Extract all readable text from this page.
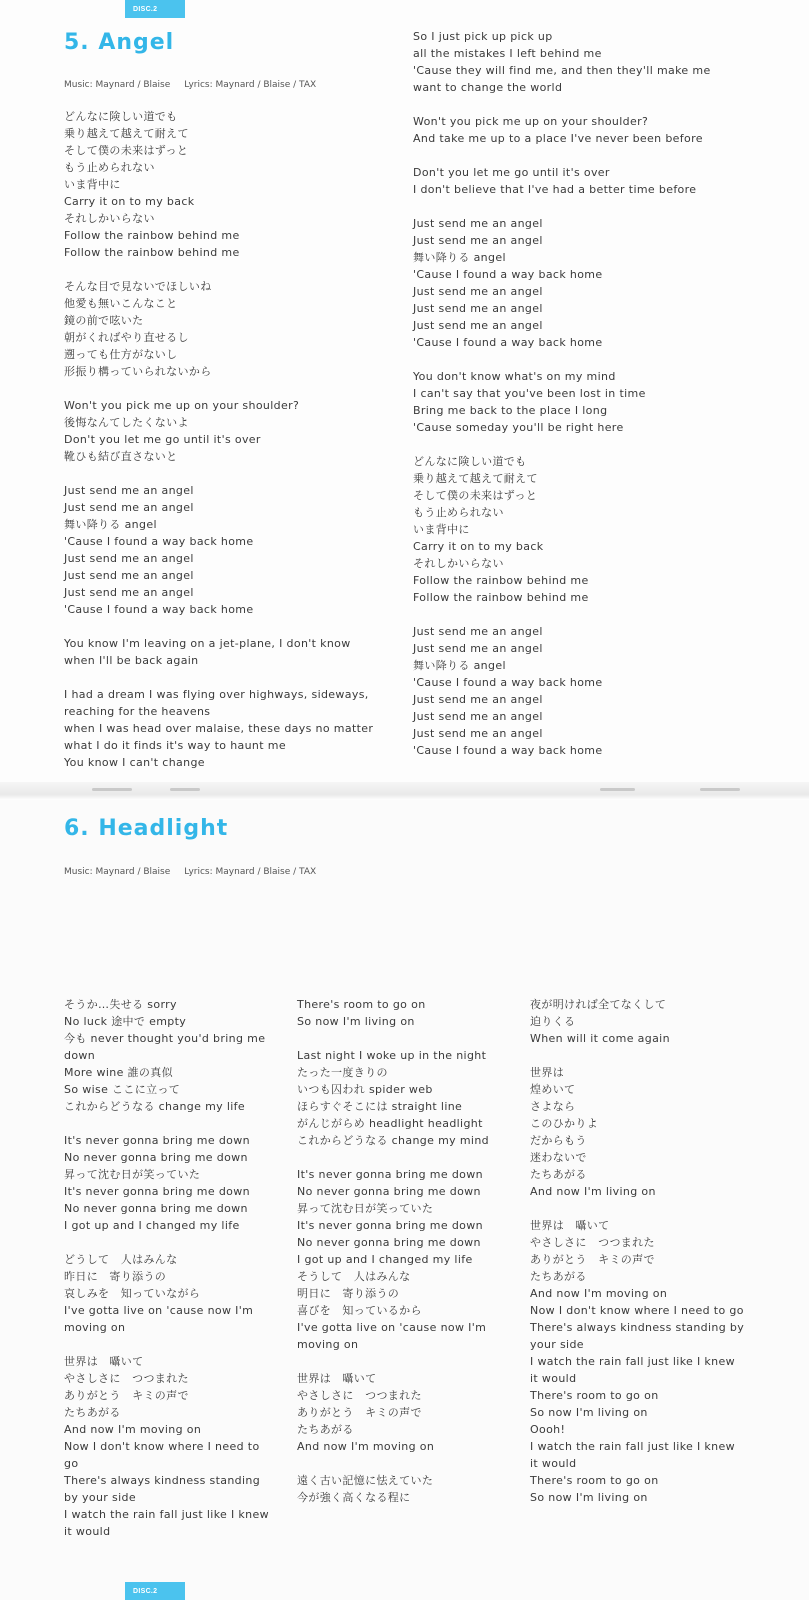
DISC.2
5. Angel
Music: Maynard / Blaise Lyrics: Maynard / Blaise / TAX
どんなに険しい道でも
乗り越えて越えて耐えて
そして僕の未来はずっと
もう止められない
いま背中に
Carry it on to my back
それしかいらない
Follow the rainbow behind me
Follow the rainbow behind me
そんな目で見ないでほしいね
他愛も無いこんなこと
鏡の前で呟いた
朝がくればやり直せるし
遡っても仕方がないし
形振り構っていられないから
Won't you pick me up on your shoulder?
後悔なんてしたくないよ
Don't you let me go until it's over
靴ひも結び直さないと
Just send me an angel
Just send me an angel
舞い降りる angel
'Cause I found a way back home
Just send me an angel
Just send me an angel
Just send me an angel
'Cause I found a way back home
You know I'm leaving on a jet-plane, I don't know when I'll be back again
I had a dream I was flying over highways, sideways, reaching for the heavens
when I was head over malaise, these days no matter what I do it finds it's way to haunt me
You know I can't change
So I just pick up pick up
all the mistakes I left behind me
'Cause they will find me, and then they'll make me want to change the world
Won't you pick me up on your shoulder?
And take me up to a place I've never been before
Don't you let me go until it's over
I don't believe that I've had a better time before
Just send me an angel
Just send me an angel
舞い降りる angel
'Cause I found a way back home
Just send me an angel
Just send me an angel
Just send me an angel
'Cause I found a way back home
You don't know what's on my mind
I can't say that you've been lost in time
Bring me back to the place I long
'Cause someday you'll be right here
どんなに険しい道でも
乗り越えて越えて耐えて
そして僕の未来はずっと
もう止められない
いま背中に
Carry it on to my back
それしかいらない
Follow the rainbow behind me
Follow the rainbow behind me
Just send me an angel
Just send me an angel
舞い降りる angel
'Cause I found a way back home
Just send me an angel
Just send me an angel
Just send me an angel
'Cause I found a way back home
6. Headlight
Music: Maynard / Blaise Lyrics: Maynard / Blaise / TAX
そうか…失せる sorry
No luck 途中で empty
今も never thought you'd bring me down
More wine 誰の真似
So wise ここに立って
これからどうなる change my life
It's never gonna bring me down
No never gonna bring me down
昇って沈む日が笑っていた
It's never gonna bring me down
No never gonna bring me down
I got up and I changed my life
どうして　人はみんな
昨日に　寄り添うの
哀しみを　知っていながら
I've gotta live on 'cause now I'm moving on
世界は　囁いて
やさしさに　つつまれた
ありがとう　キミの声で
たちあがる
And now I'm moving on
Now I don't know where I need to go
There's always kindness standing by your side
I watch the rain fall just like I knew it would
There's room to go on
So now I'm living on
Last night I woke up in the night
たった一度きりの
いつも囚われ spider web
ほらすぐそこには straight line
がんじがらめ headlight headlight
これからどうなる change my mind
It's never gonna bring me down
No never gonna bring me down
昇って沈む日が笑っていた
It's never gonna bring me down
No never gonna bring me down
I got up and I changed my life
そうして　人はみんな
明日に　寄り添うの
喜びを　知っているから
I've gotta live on 'cause now I'm moving on
世界は　囁いて
やさしさに　つつまれた
ありがとう　キミの声で
たちあがる
And now I'm moving on
遠く古い記憶に怯えていた
今が強く高くなる程に
夜が明ければ全てなくして
迫りくる
When will it come again
世界は
煌めいて
さよなら
このひかりよ
だからもう
迷わないで
たちあがる
And now I'm living on
世界は　囁いて
やさしさに　つつまれた
ありがとう　キミの声で
たちあがる
And now I'm moving on
Now I don't know where I need to go
There's always kindness standing by your side
I watch the rain fall just like I knew it would
There's room to go on
So now I'm living on
Oooh!
I watch the rain fall just like I knew it would
There's room to go on
So now I'm living on
DISC.2
